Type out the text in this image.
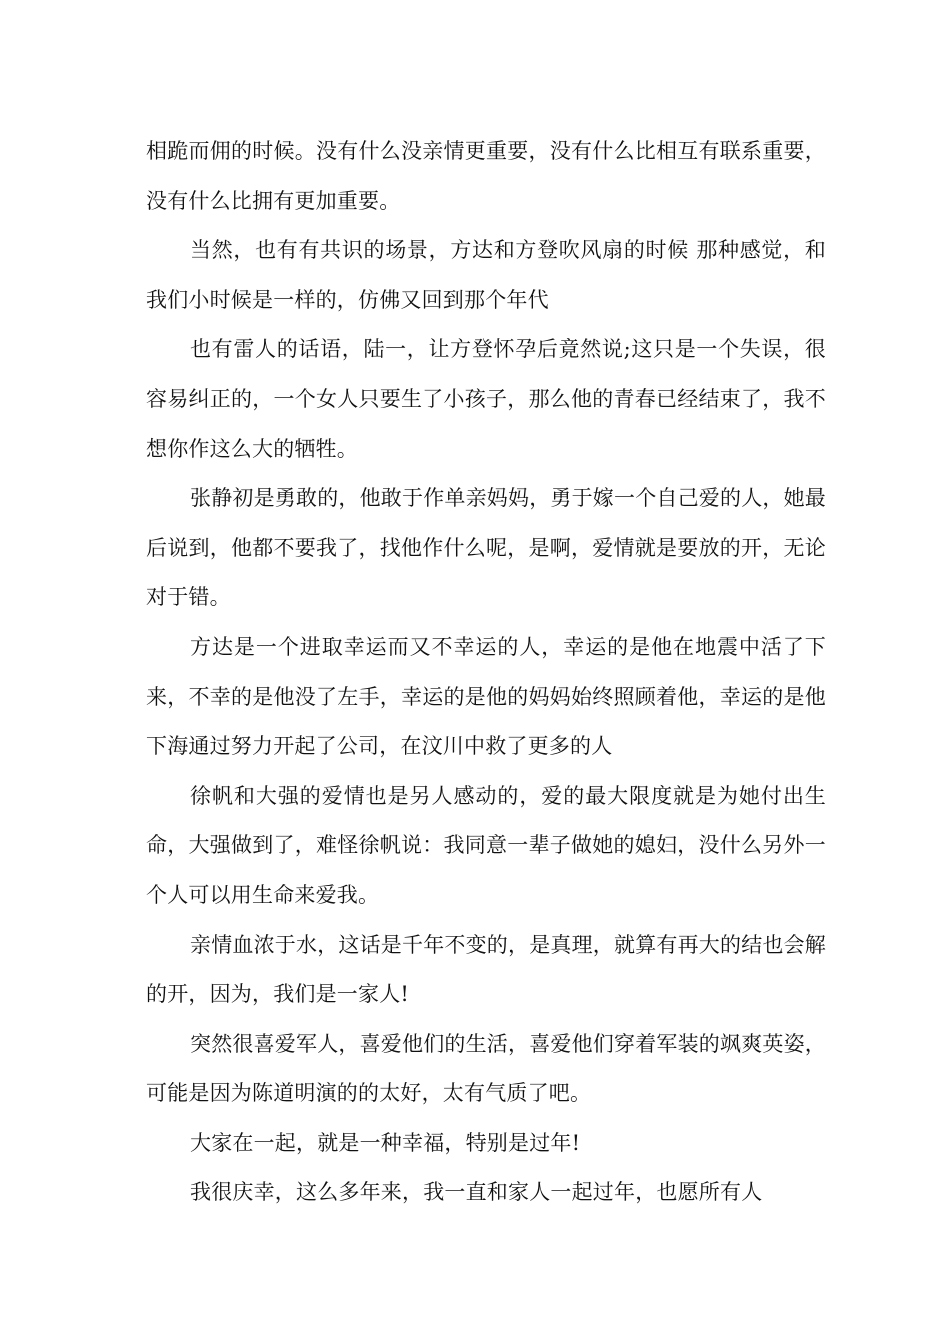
相跪而佣的时候。没有什么没亲情更重要，没有什么比相互有联系重要，没有什么比拥有更加重要。

当然，也有有共识的场景，方达和方登吹风扇的时候 那种感觉，和我们小时候是一样的，仿佛又回到那个年代

也有雷人的话语，陆一，让方登怀孕后竟然说;这只是一个失误，很容易纠正的，一个女人只要生了小孩子，那么他的青春已经结束了，我不想你作这么大的牺牲。

张静初是勇敢的，他敢于作单亲妈妈，勇于嫁一个自己爱的人，她最后说到，他都不要我了，找他作什么呢，是啊，爱情就是要放的开，无论对于错。

方达是一个进取幸运而又不幸运的人，幸运的是他在地震中活了下来，不幸的是他没了左手，幸运的是他的妈妈始终照顾着他，幸运的是他下海通过努力开起了公司，在汶川中救了更多的人

徐帆和大强的爱情也是另人感动的，爱的最大限度就是为她付出生命，大强做到了，难怪徐帆说：我同意一辈子做她的媳妇，没什么另外一个人可以用生命来爱我。

亲情血浓于水，这话是千年不变的，是真理，就算有再大的结也会解的开，因为，我们是一家人!

突然很喜爱军人，喜爱他们的生活，喜爱他们穿着军装的飒爽英姿，可能是因为陈道明演的的太好，太有气质了吧。

大家在一起，就是一种幸福，特别是过年!

我很庆幸，这么多年来，我一直和家人一起过年，也愿所有人
